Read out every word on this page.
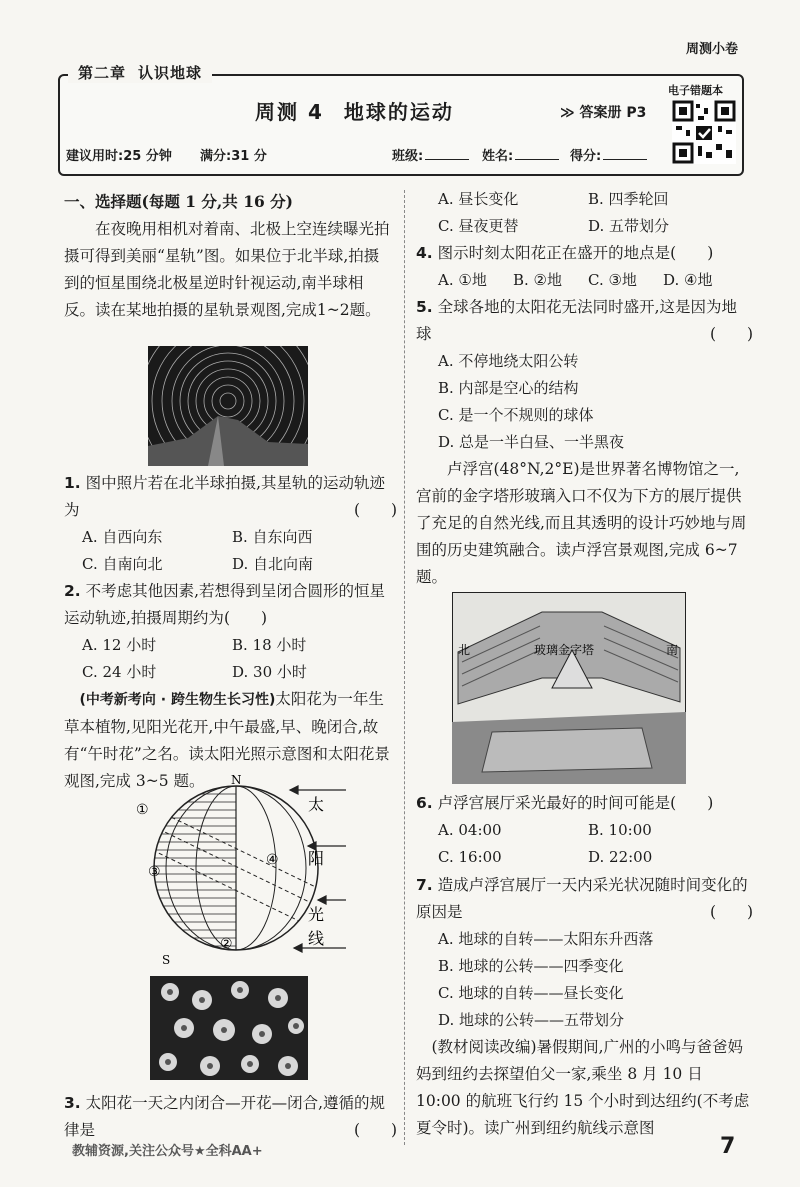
周测小卷
第二章 认识地球
周测 4 地球的运动	≫ 答案册 P3
电子错题本
建议用时:25 分钟 满分:31 分	班级:	姓名:	得分:
一、选择题(每题 1 分,共 16 分)
在夜晚用相机对着南、北极上空连续曝光拍摄可得到美丽“星轨”图。如果位于北半球,拍摄到的恒星围绕北极星逆时针视运动,南半球相反。读在某地拍摄的星轨景观图,完成1~2题。
1. 图中照片若在北半球拍摄,其星轨的运动轨迹为	(　　)
A. 自西向东	B. 自东向西
C. 自南向北	D. 自北向南
2. 不考虑其他因素,若想得到呈闭合圆形的恒星运动轨迹,拍摄周期约为(　　)
A. 12 小时	B. 18 小时
C. 24 小时	D. 30 小时
(中考新考向 · 跨生物生长习性)太阳花为一年生草本植物,见阳光花开,中午最盛,早、晚闭合,故有“午时花”之名。读太阳光照示意图和太阳花景观图,完成 3~5 题。	N
S
①
②
③
④
太
阳
光
线
3. 太阳花一天之内闭合—开花—闭合,遵循的规律是	(　　)
教辅资源,关注公众号★全科AA+	7
A. 昼长变化	B. 四季轮回
C. 昼夜更替	D. 五带划分
4. 图示时刻太阳花正在盛开的地点是(　　)
A. ①地 B. ②地 C. ③地 D. ④地
5. 全球各地的太阳花无法同时盛开,这是因为地球	(　　)
A. 不停地绕太阳公转
B. 内部是空心的结构
C. 是一个不规则的球体
D. 总是一半白昼、一半黑夜
卢浮宫(48°N,2°E)是世界著名博物馆之一,宫前的金字塔形玻璃入口不仅为下方的展厅提供了充足的自然光线,而且其透明的设计巧妙地与周围的历史建筑融合。读卢浮宫景观图,完成 6~7 题。
北	玻璃金字塔	南
6. 卢浮宫展厅采光最好的时间可能是(　　)
A. 04:00	B. 10:00
C. 16:00	D. 22:00
7. 造成卢浮宫展厅一天内采光状况随时间变化的原因是	(　　)
A. 地球的自转——太阳东升西落
B. 地球的公转——四季变化
C. 地球的自转——昼长变化
D. 地球的公转——五带划分
(教材阅读改编)暑假期间,广州的小鸣与爸爸妈妈到纽约去探望伯父一家,乘坐 8 月 10 日 10:00 的航班飞行约 15 个小时到达纽约(不考虑夏令时)。读广州到纽约航线示意图
